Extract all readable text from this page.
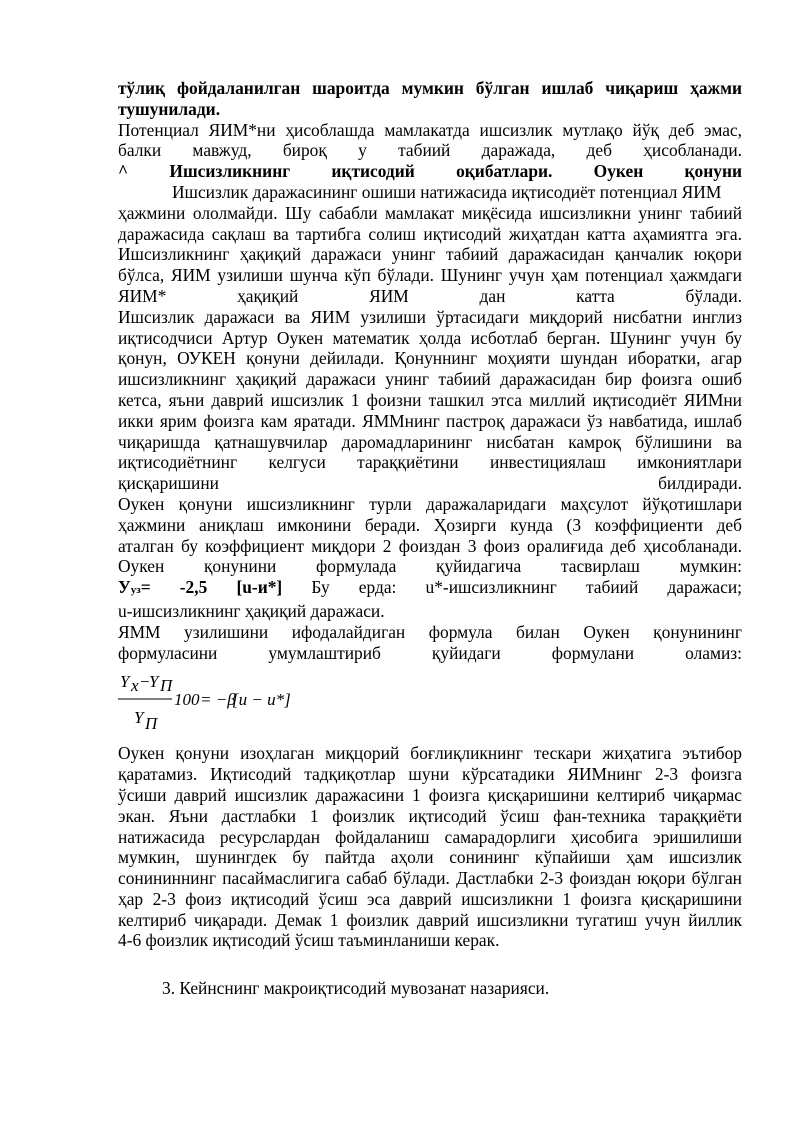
тўлиқ фойдаланилган шароитда мумкин бўлган ишлаб чиқариш ҳажми
тушунилади.
Потенциал ЯИМ*ни ҳисоблашда мамлакатда ишсизлик мутлақо йўқ деб эмас,
балки мавжуд, бироқ у табиий даражада, деб ҳисобланади.
^ Ишсизликнинг иқтисодий оқибатлари. Оукен қонуни
Ишсизлик даражасининг ошиши натижасида иқтисодиёт потенциал ЯИМ
ҳажмини ололмайди. Шу сабабли мамлакат миқёсида ишсизликни унинг табиий
даражасида сақлаш ва тартибга солиш иқтисодий жиҳатдан катта аҳамиятга эга.
Ишсизликнинг ҳақиқий даражаси унинг табиий даражасидан қанчалик юқори
бўлса, ЯИМ узилиши шунча кўп бўлади. Шунинг учун ҳам потенциал ҳажмдаги
ЯИМ* ҳақиқий ЯИМ дан катта бўлади.
Ишсизлик даражаси ва ЯИМ узилиши ўртасидаги миқдорий нисбатни инглиз
иқтисодчиси Артур Оукен математик ҳолда исботлаб берган. Шунинг учун бу
қонун, ОУКЕН қонуни дейилади. Қонуннинг моҳияти шундан иборатки, агар
ишсизликнинг ҳақиқий даражаси унинг табиий даражасидан бир фоизга ошиб
кетса, яъни даврий ишсизлик 1 фоизни ташкил этса миллий иқтисодиёт ЯИМни
икки ярим фоизга кам яратади. ЯММнинг пастроқ даражаси ўз навбатида, ишлаб
чиқаришда қатнашувчилар даромадларининг нисбатан камроқ бўлишини ва
иқтисодиётнинг келгуси тараққиётини инвестициялаш имкониятлари
қисқаришини билдиради.
Оукен қонуни ишсизликнинг турли даражаларидаги маҳсулот йўқотишлари
ҳажмини аниқлаш имконини беради. Ҳозирги кунда (3 коэффициенти деб
аталган бу коэффициент миқдори 2 фоиздан 3 фоиз оралиғида деб ҳисобланади.
Оукен қонунини формулада қуйидагича тасвирлаш мумкин:
Ууз= -2,5 [u-и*] Бу ерда: u*-ишсизликнинг табиий даражаси;
u-ишсизликнинг ҳақиқий даражаси.
ЯММ узилишини ифодалайдиган формула билан Оукен қонунининг
формуласини умумлаштириб қуйидаги формулани оламиз:
Y x −
Y П
Y П
100 = −β
[u − u*]
Оукен қонуни изоҳлаган миқцорий боғлиқликнинг тескари жиҳатига эътибор
қаратамиз. Иқтисодий тадқиқотлар шуни кўрсатадики ЯИМнинг 2-3 фоизга
ўсиши даврий ишсизлик даражасини 1 фоизга қисқаришини келтириб чиқармас
экан. Яъни дастлабки 1 фоизлик иқтисодий ўсиш фан-техника тараққиёти
натижасида ресурслардан фойдаланиш самарадорлиги ҳисобига эришилиши
мумкин, шунингдек бу пайтда аҳоли сонининг кўпайиши ҳам ишсизлик
сонининнинг пасаймаслигига сабаб бўлади. Дастлабки 2-3 фоиздан юқори бўлган
ҳар 2-3 фоиз иқтисодий ўсиш эса даврий ишсизликни 1 фоизга қисқаришини
келтириб чиқаради. Демак 1 фоизлик даврий ишсизликни тугатиш учун йиллик
4-6 фоизлик иқтисодий ўсиш таъминланиши керак.
3. Кейнснинг макроиқтисодий мувозанат назарияси.
